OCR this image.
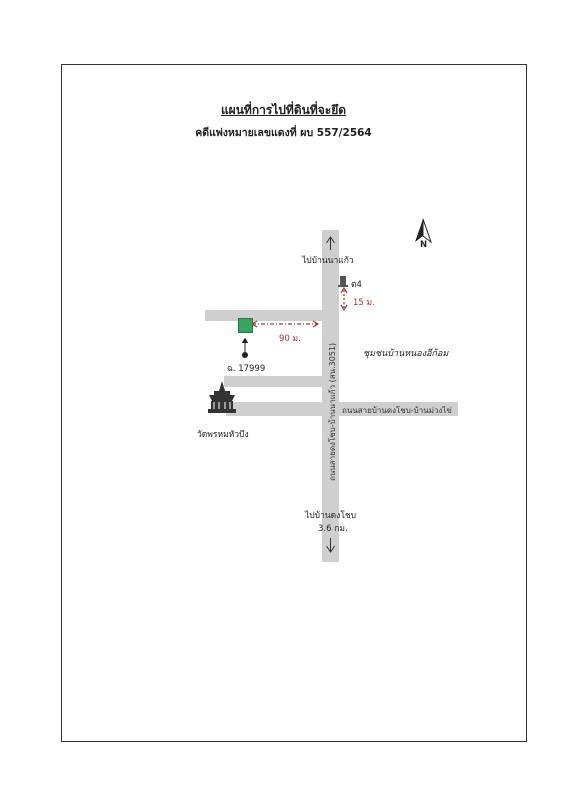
แผนที่การไปที่ดินที่จะยึด
คดีแพ่งหมายเลขแดงที่ ผบ 557/2564
N
ไปบ้านนาแก้ว
ต4
15 ม.
90 ม.
ชุมชนบ้านหนองอีก้อม
ฉ. 17999
วัดพรหมหัวบึง
ถนนสายบ้านดงโชบ-บ้านม่วงไข่
ไปบ้านดงโชบ
3.6 กม.
ถนนสายดงโชบ-บ้านนาแก้ว (สน.3051)
